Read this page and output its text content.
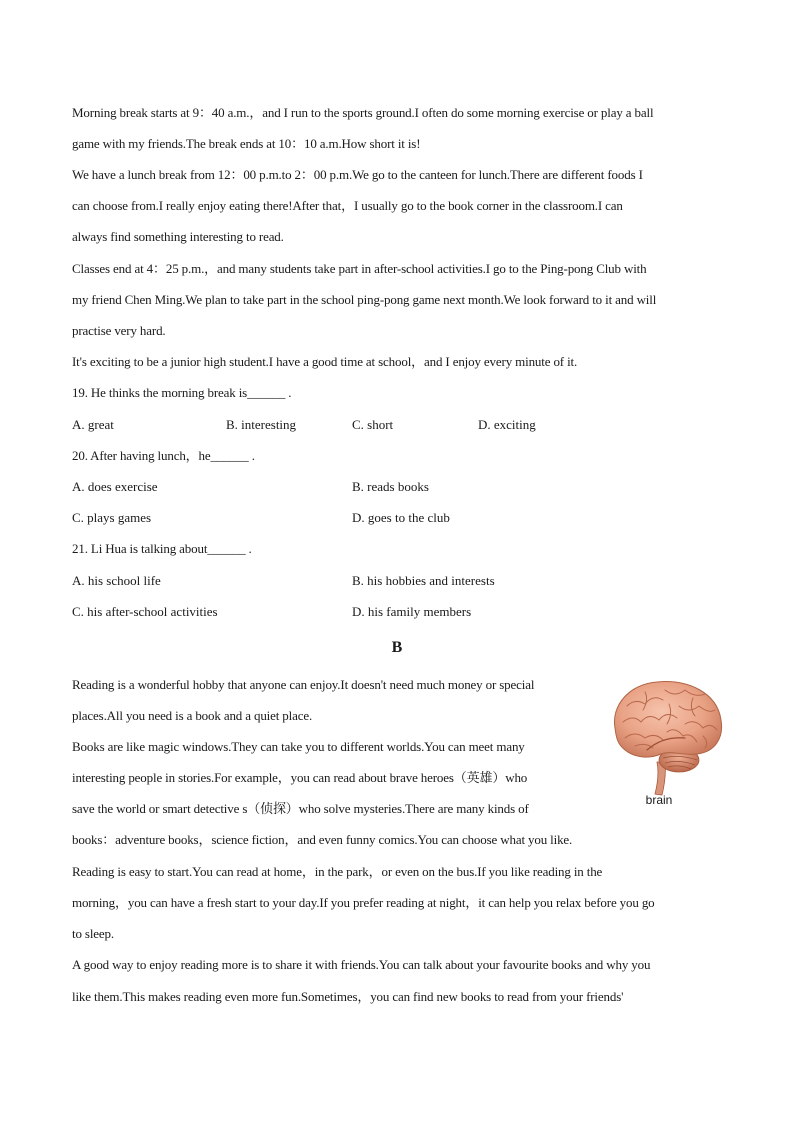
Morning break starts at 9：40 a.m.，and I run to the sports ground.I often do some morning exercise or play a ball
game with my friends.The break ends at 10：10 a.m.How short it is!
We have a lunch break from 12：00 p.m.to 2：00 p.m.We go to the canteen for lunch.There are different foods I
can choose from.I really enjoy eating there!After that，I usually go to the book corner in the classroom.I can
always find something interesting to read.
Classes end at 4：25 p.m.，and many students take part in after-school activities.I go to the Ping-pong Club with
my friend Chen Ming.We plan to take part in the school ping-pong game next month.We look forward to it and will
practise very hard.
It's exciting to be a junior high student.I have a good time at school，and I enjoy every minute of it.
19. He thinks the morning break is______ .
A. great	B. interesting	C. short	D. exciting
20. After having lunch，he______ .
A. does exercise	B. reads books
C. plays games	D. goes to the club
21. Li Hua is talking about______ .
A. his school life	B. his hobbies and interests
C. his after-school activities	D. his family members
B
brain
Reading is a wonderful hobby that anyone can enjoy.It doesn't need much money or special
places.All you need is a book and a quiet place.
Books are like magic windows.They can take you to different worlds.You can meet many
interesting people in stories.For example，you can read about brave heroes（英雄）who
save the world or smart detective s（侦探）who solve mysteries.There are many kinds of
books：adventure books，science fiction，and even funny comics.You can choose what you like.
Reading is easy to start.You can read at home，in the park，or even on the bus.If you like reading in the
morning，you can have a fresh start to your day.If you prefer reading at night，it can help you relax before you go
to sleep.
A good way to enjoy reading more is to share it with friends.You can talk about your favourite books and why you
like them.This makes reading even more fun.Sometimes，you can find new books to read from your friends'
